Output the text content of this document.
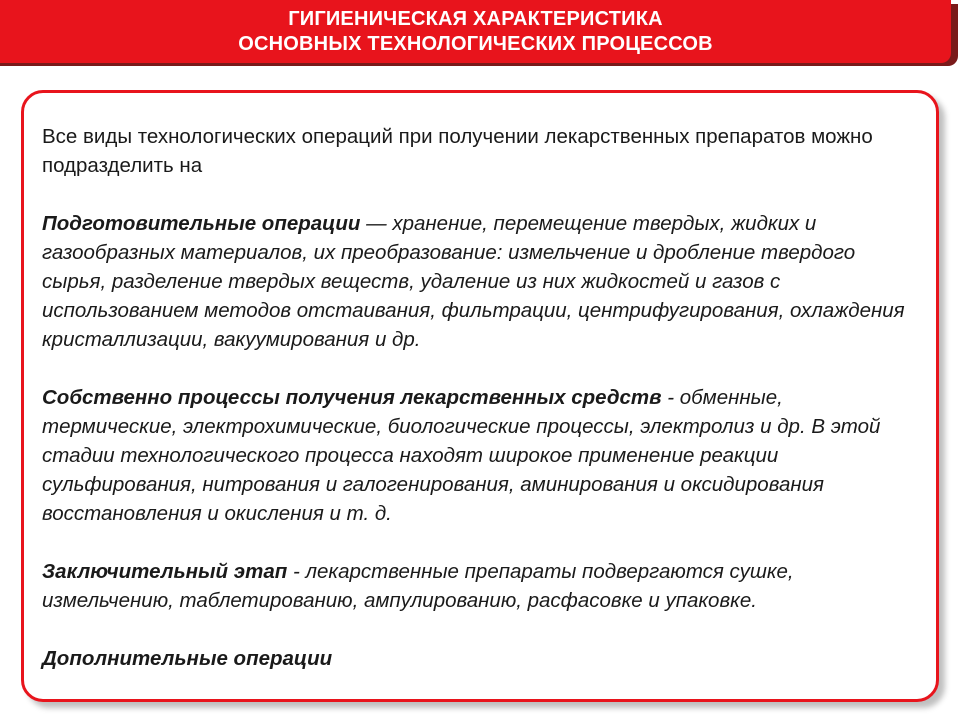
ГИГИЕНИЧЕСКАЯ ХАРАКТЕРИСТИКА
ОСНОВНЫХ ТЕХНОЛОГИЧЕСКИХ ПРОЦЕССОВ

Все виды технологических операций при получении лекарственных препаратов можно подразделить на

Подготовительные операции — хранение, перемещение твердых, жидких и газообразных материалов, их преобразование: измельчение и дробление твердого сырья, разделение твердых веществ, удаление из них жидкостей и газов с использованием методов отстаивания, фильтрации, центрифугирования, охлаждения кристаллизации, вакуумирования и др.

Собственно процессы получения лекарственных средств - обменные, термические, электрохимические, биологические процессы, электролиз и др. В этой стадии технологического процесса находят широкое применение реакции сульфирования, нитрования и галогенирования, аминирования и оксидирования восстановления и окисления и т. д.

Заключительный этап - лекарственные препараты подвергаются сушке, измельчению, таблетированию, ампулированию, расфасовке и упаковке.

Дополнительные операции
